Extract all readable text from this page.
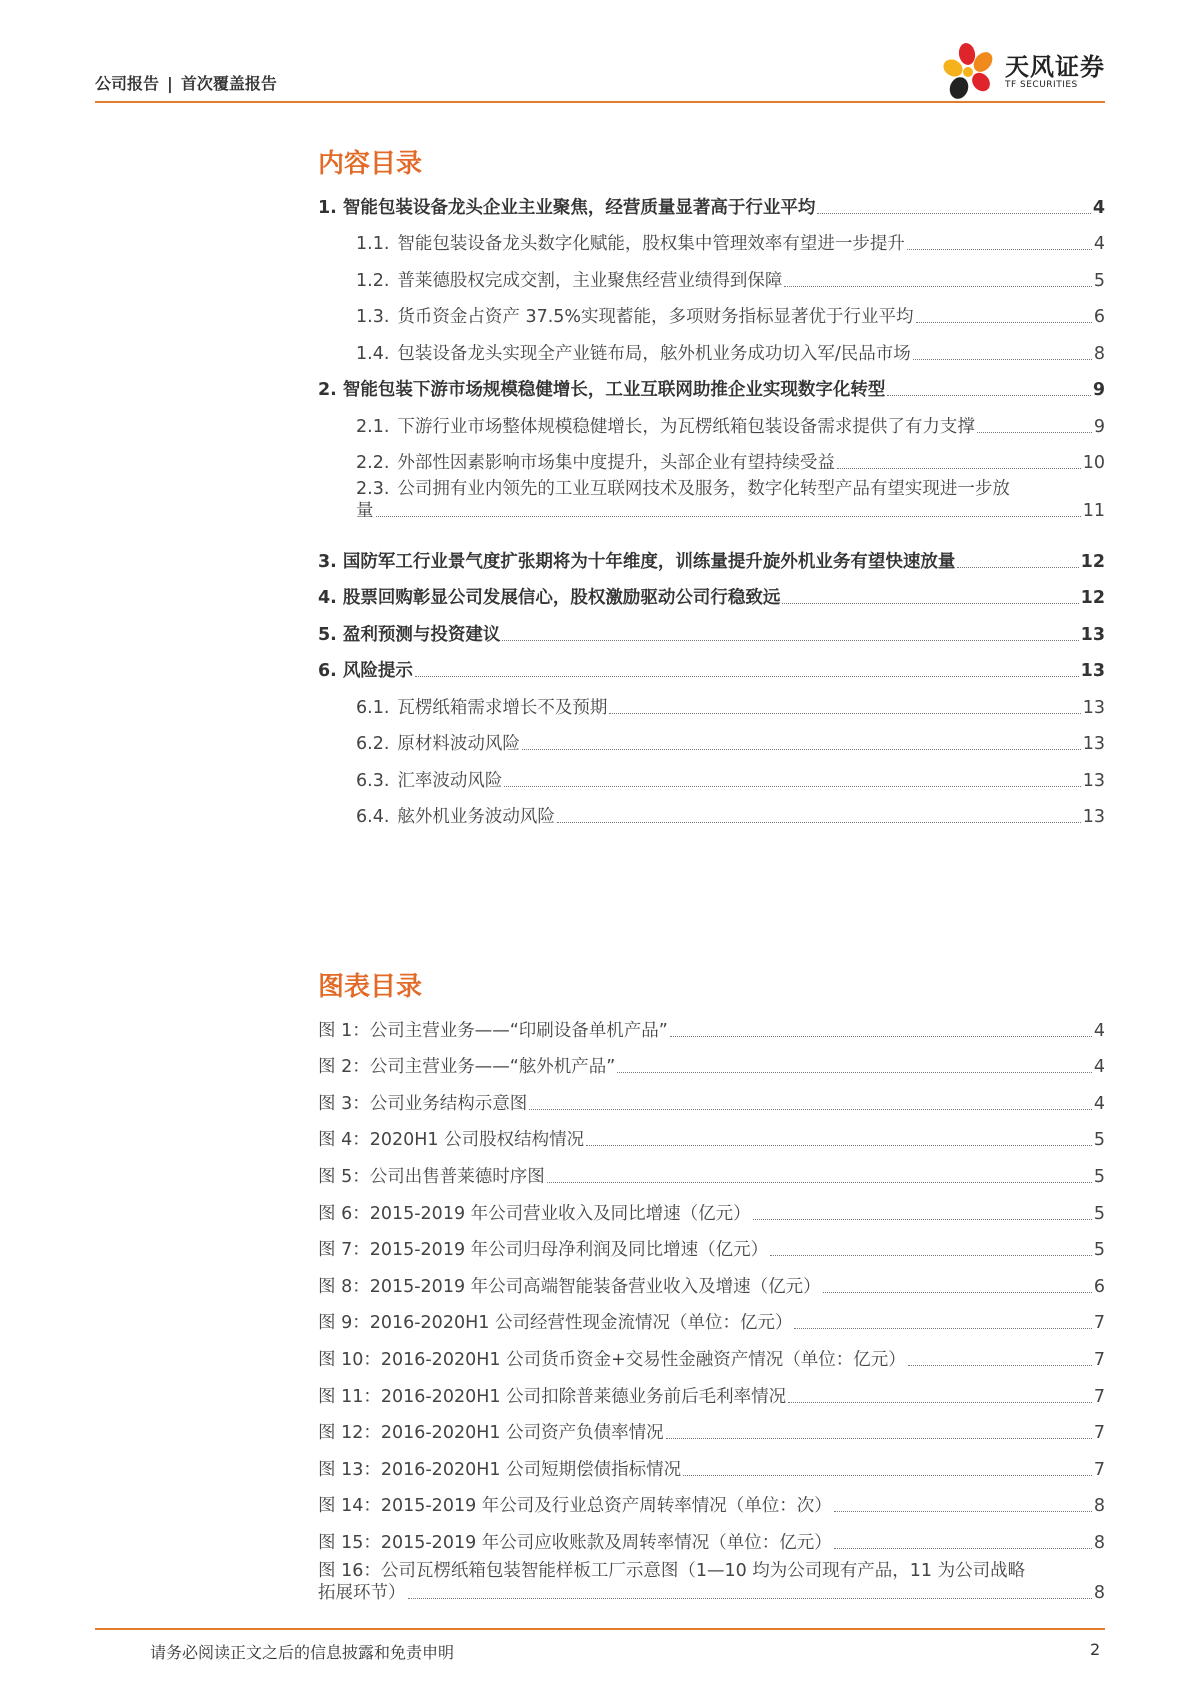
公司报告 | 首次覆盖报告
天风证券
TF SECURITIES
内容目录
1. 智能包装设备龙头企业主业聚焦，经营质量显著高于行业平均	4
1.1. 智能包装设备龙头数字化赋能，股权集中管理效率有望进一步提升	4
1.2. 普莱德股权完成交割，主业聚焦经营业绩得到保障	5
1.3. 货币资金占资产 37.5%实现蓄能，多项财务指标显著优于行业平均	6
1.4. 包装设备龙头实现全产业链布局，舷外机业务成功切入军/民品市场	8
2. 智能包装下游市场规模稳健增长，工业互联网助推企业实现数字化转型	9
2.1. 下游行业市场整体规模稳健增长，为瓦楞纸箱包装设备需求提供了有力支撑	9
2.2. 外部性因素影响市场集中度提升，头部企业有望持续受益	10
2.3. 公司拥有业内领先的工业互联网技术及服务，数字化转型产品有望实现进一步放
量	11
3. 国防军工行业景气度扩张期将为十年维度，训练量提升旋外机业务有望快速放量	12
4. 股票回购彰显公司发展信心，股权激励驱动公司行稳致远	12
5. 盈利预测与投资建议	13
6. 风险提示	13
6.1. 瓦楞纸箱需求增长不及预期	13
6.2. 原材料波动风险	13
6.3. 汇率波动风险	13
6.4. 舷外机业务波动风险	13
图表目录
图 1：公司主营业务——“印刷设备单机产品”	4
图 2：公司主营业务——“舷外机产品”	4
图 3：公司业务结构示意图	4
图 4：2020H1 公司股权结构情况	5
图 5：公司出售普莱德时序图	5
图 6：2015-2019 年公司营业收入及同比增速（亿元）	5
图 7：2015-2019 年公司归母净利润及同比增速（亿元）	5
图 8：2015-2019 年公司高端智能装备营业收入及增速（亿元）	6
图 9：2016-2020H1 公司经营性现金流情况（单位：亿元）	7
图 10：2016-2020H1 公司货币资金+交易性金融资产情况（单位：亿元）	7
图 11：2016-2020H1 公司扣除普莱德业务前后毛利率情况	7
图 12：2016-2020H1 公司资产负债率情况	7
图 13：2016-2020H1 公司短期偿债指标情况	7
图 14：2015-2019 年公司及行业总资产周转率情况（单位：次）	8
图 15：2015-2019 年公司应收账款及周转率情况（单位：亿元）	8
图 16：公司瓦楞纸箱包装智能样板工厂示意图（1—10 均为公司现有产品，11 为公司战略
拓展环节）	8
请务必阅读正文之后的信息披露和免责申明	2
